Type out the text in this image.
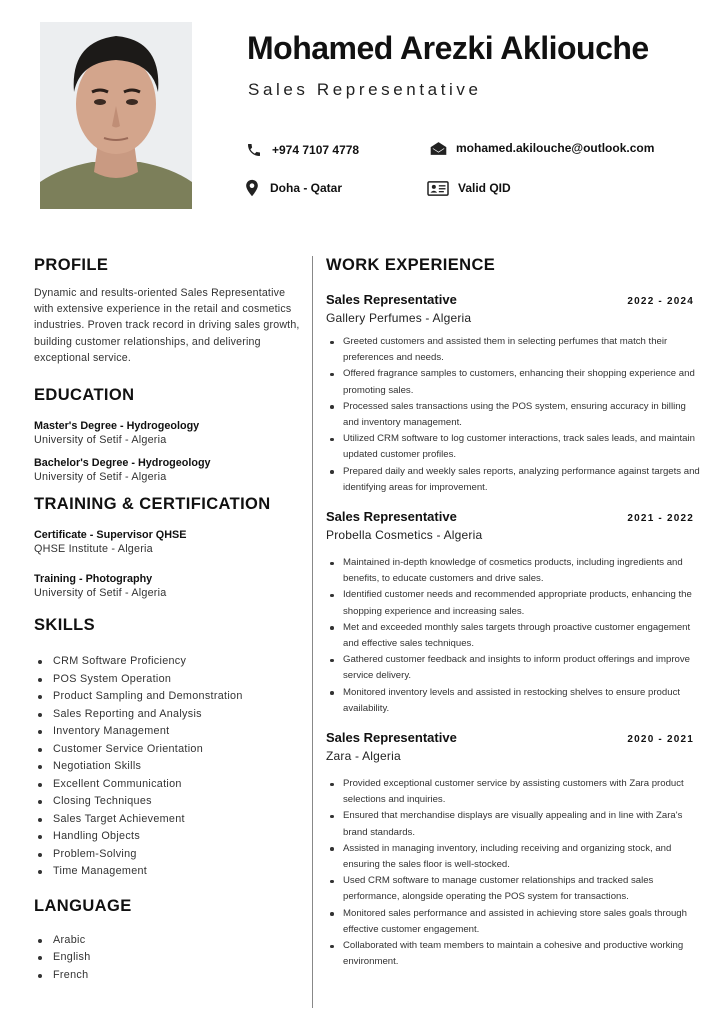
Mohamed Arezki Akliouche
Sales Representative
+974 7107 4778	mohamed.akilouche@outlook.com
Doha - Qatar	Valid QID
PROFILE
Dynamic and results-oriented Sales Representative with extensive experience in the retail and cosmetics industries. Proven track record in driving sales growth, building customer relationships, and delivering exceptional service.
EDUCATION
Master's Degree - Hydrogeology
University of Setif - Algeria
Bachelor's Degree - Hydrogeology
University of Setif - Algeria
TRAINING & CERTIFICATION
Certificate - Supervisor QHSE
QHSE Institute - Algeria
Training - Photography
University of Setif - Algeria
SKILLS
CRM Software Proficiency
POS System Operation
Product Sampling and Demonstration
Sales Reporting and Analysis
Inventory Management
Customer Service Orientation
Negotiation Skills
Excellent Communication
Closing Techniques
Sales Target Achievement
Handling Objects
Problem-Solving
Time Management
LANGUAGE
Arabic
English
French
WORK EXPERIENCE
Sales Representative	2022 - 2024
Gallery Perfumes - Algeria
Greeted customers and assisted them in selecting perfumes that match their preferences and needs.
Offered fragrance samples to customers, enhancing their shopping experience and promoting sales.
Processed sales transactions using the POS system, ensuring accuracy in billing and inventory management.
Utilized CRM software to log customer interactions, track sales leads, and maintain updated customer profiles.
Prepared daily and weekly sales reports, analyzing performance against targets and identifying areas for improvement.
Sales Representative	2021 - 2022
Probella Cosmetics - Algeria
Maintained in-depth knowledge of cosmetics products, including ingredients and benefits, to educate customers and drive sales.
Identified customer needs and recommended appropriate products, enhancing the shopping experience and increasing sales.
Met and exceeded monthly sales targets through proactive customer engagement and effective sales techniques.
Gathered customer feedback and insights to inform product offerings and improve service delivery.
Monitored inventory levels and assisted in restocking shelves to ensure product availability.
Sales Representative	2020 - 2021
Zara - Algeria
Provided exceptional customer service by assisting customers with Zara product selections and inquiries.
Ensured that merchandise displays are visually appealing and in line with Zara's brand standards.
Assisted in managing inventory, including receiving and organizing stock, and ensuring the sales floor is well-stocked.
Used CRM software to manage customer relationships and tracked sales performance, alongside operating the POS system for transactions.
Monitored sales performance and assisted in achieving store sales goals through effective customer engagement.
Collaborated with team members to maintain a cohesive and productive working environment.
